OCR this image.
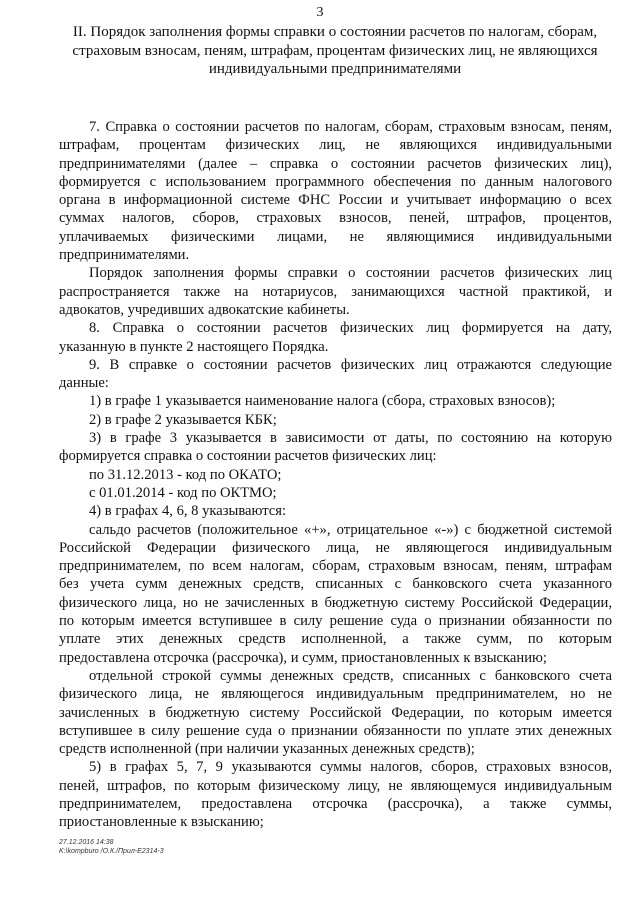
3
II. Порядок заполнения формы справки о состоянии расчетов по налогам, сборам,
страховым взносам, пеням, штрафам, процентам физических лиц, не являющихся
индивидуальными предпринимателями
7. Справка о состоянии расчетов по налогам, сборам, страховым взносам, пеням,
штрафам, процентам физических лиц, не являющихся индивидуальными
предпринимателями (далее – справка о состоянии расчетов физических лиц),
формируется с использованием программного обеспечения по данным налогового
органа в информационной системе ФНС России и учитывает информацию о всех
суммах налогов, сборов, страховых взносов, пеней, штрафов, процентов,
уплачиваемых физическими лицами, не являющимися индивидуальными
предпринимателями.
Порядок заполнения формы справки о состоянии расчетов физических лиц
распространяется также на нотариусов, занимающихся частной практикой, и
адвокатов, учредивших адвокатские кабинеты.
8. Справка о состоянии расчетов физических лиц формируется на дату,
указанную в пункте 2 настоящего Порядка.
9. В справке о состоянии расчетов физических лиц отражаются следующие
данные:
1) в графе 1 указывается наименование налога (сбора, страховых взносов);
2) в графе 2 указывается КБК;
3) в графе 3 указывается в зависимости от даты, по состоянию на которую
формируется справка о состоянии расчетов физических лиц:
по 31.12.2013 - код по ОКАТО;
с 01.01.2014 - код по ОКТМО;
4) в графах 4, 6, 8 указываются:
сальдо расчетов (положительное «+», отрицательное «-») с бюджетной системой
Российской Федерации физического лица, не являющегося индивидуальным
предпринимателем, по всем налогам, сборам, страховым взносам, пеням, штрафам
без учета сумм денежных средств, списанных с банковского счета указанного
физического лица, но не зачисленных в бюджетную систему Российской Федерации,
по которым имеется вступившее в силу решение суда о признании обязанности по
уплате этих денежных средств исполненной, а также сумм, по которым
предоставлена отсрочка (рассрочка), и сумм, приостановленных к взысканию;
отдельной строкой суммы денежных средств, списанных с банковского счета
физического лица, не являющегося индивидуальным предпринимателем, но не
зачисленных в бюджетную систему Российской Федерации, по которым имеется
вступившее в силу решение суда о признании обязанности по уплате этих денежных
средств исполненной (при наличии указанных денежных средств);
5) в графах 5, 7, 9 указываются суммы налогов, сборов, страховых взносов,
пеней, штрафов, по которым физическому лицу, не являющемуся индивидуальным
предпринимателем, предоставлена отсрочка (рассрочка), а также суммы,
приостановленные к взысканию;
27.12.2016 14:38
K:\kompburo /О.К./Прил-Е2314-3
